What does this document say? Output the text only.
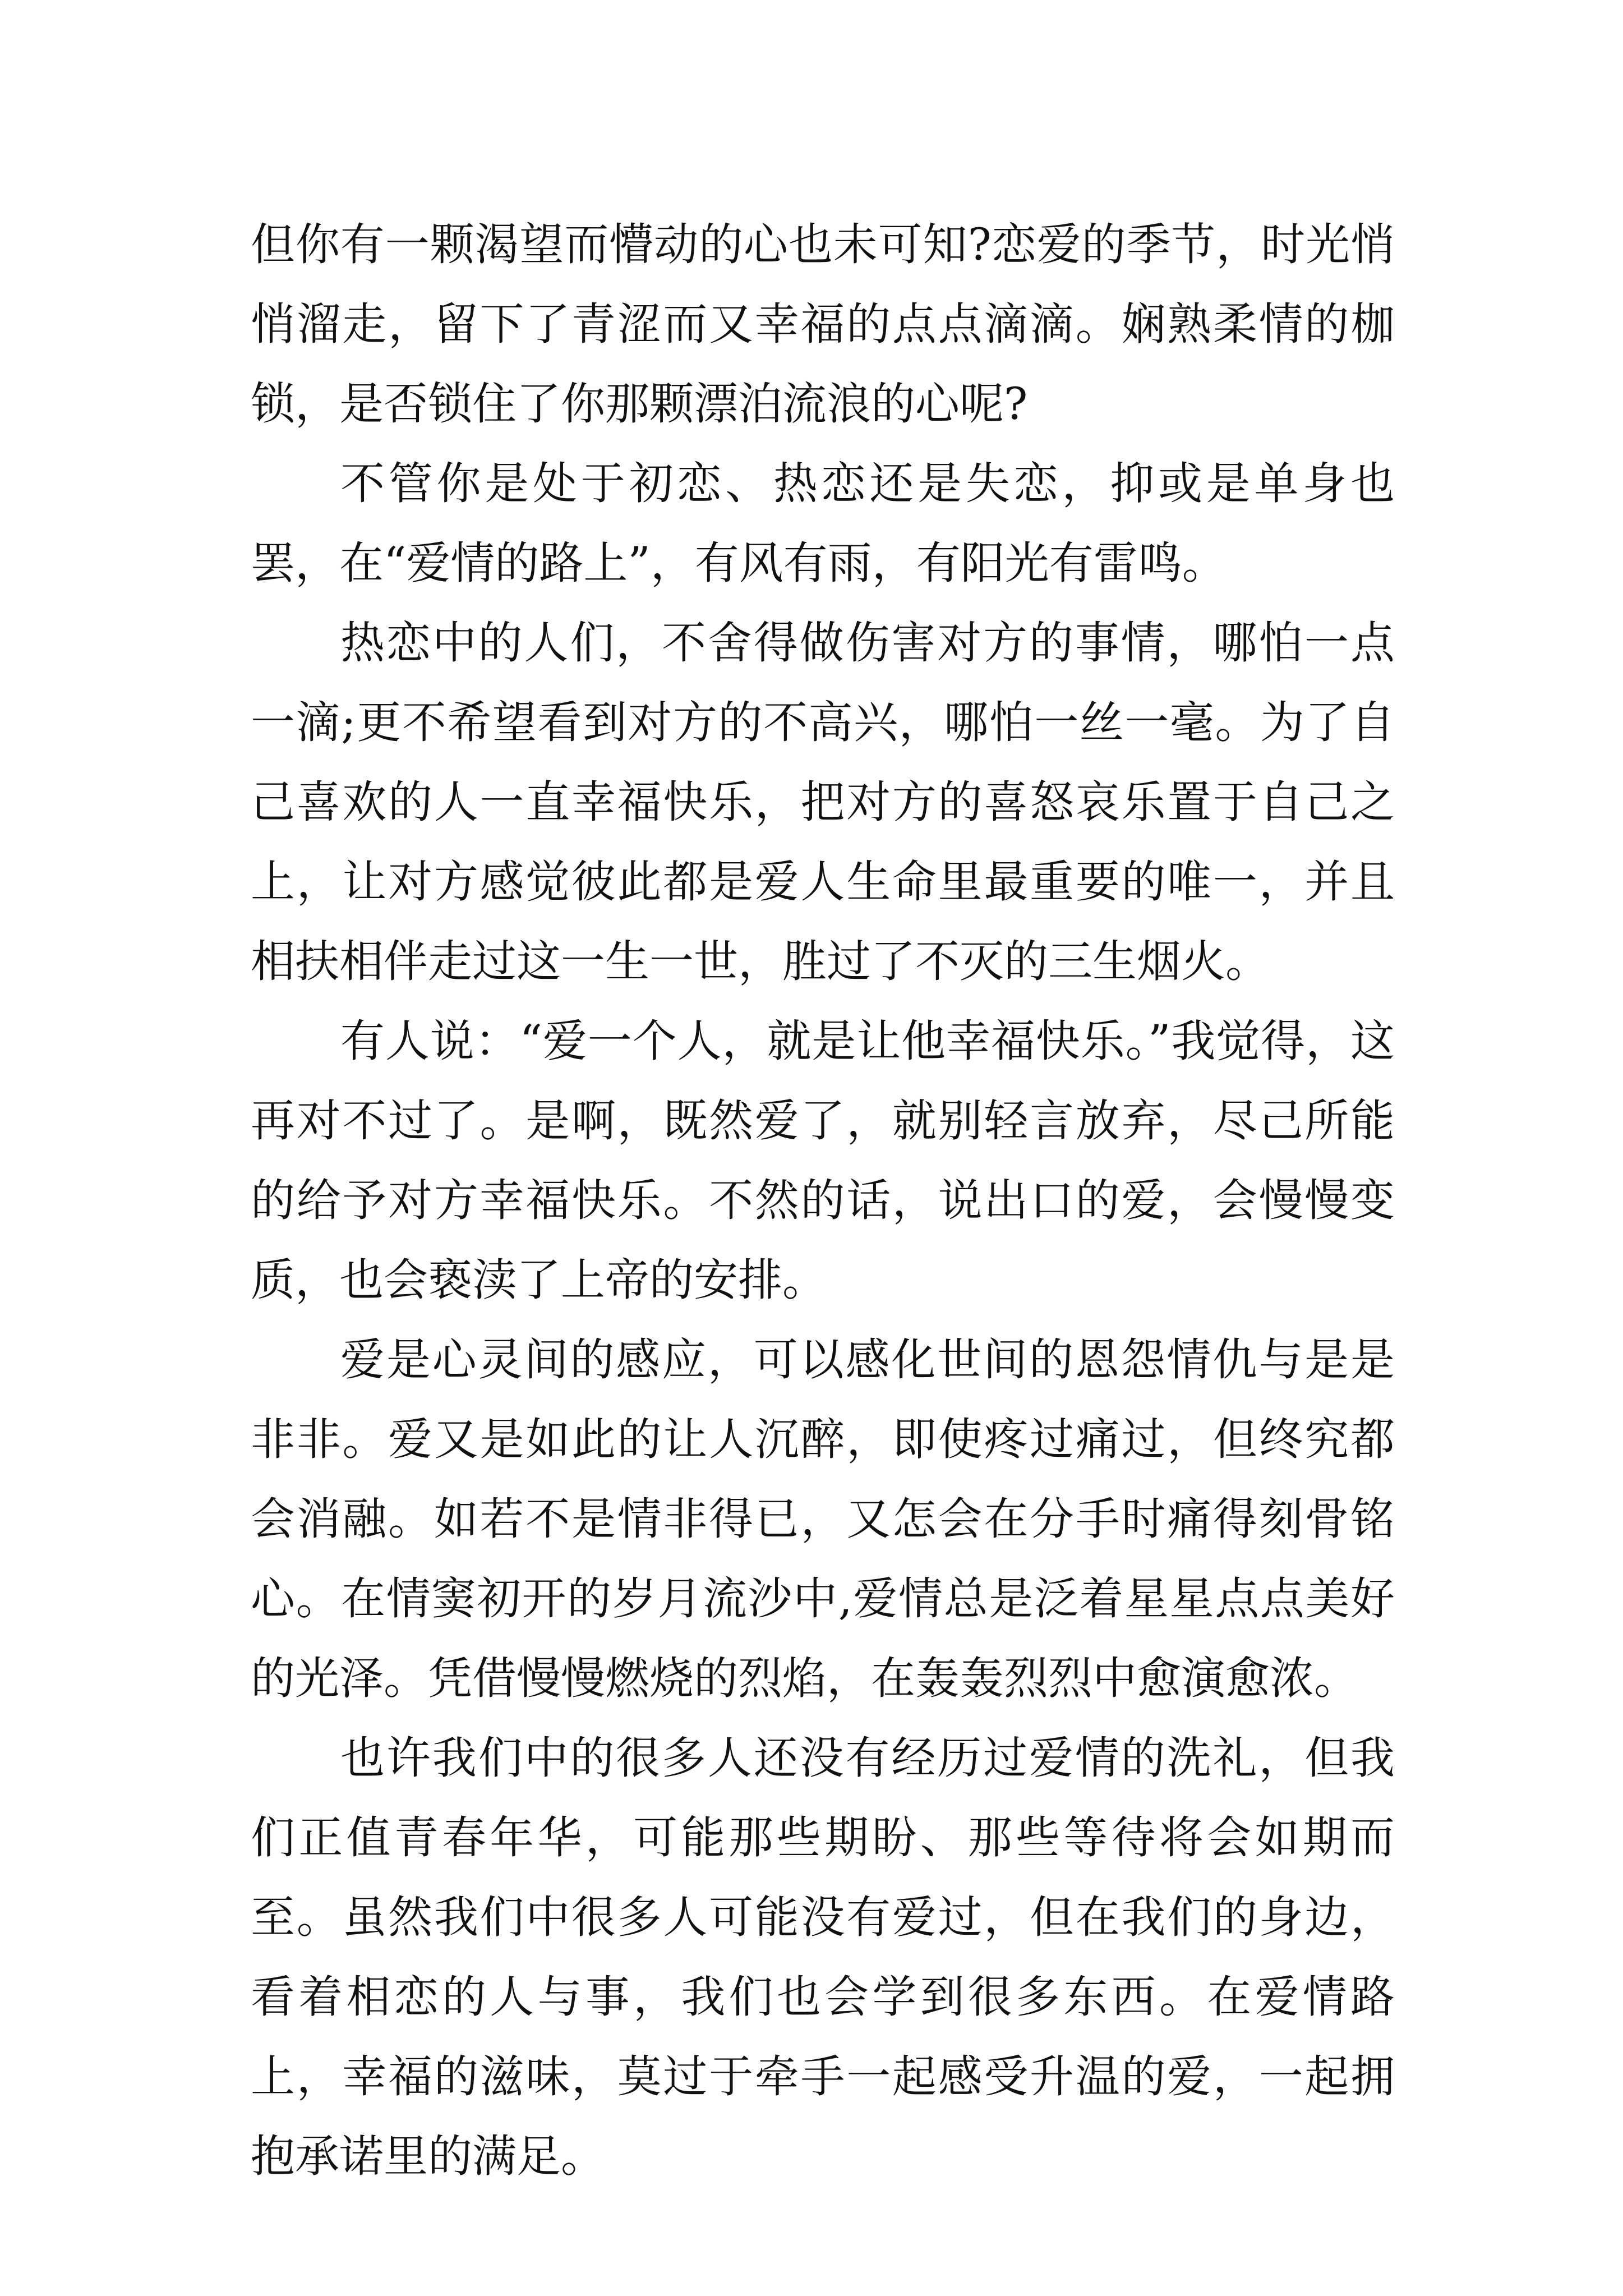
但你有一颗渴望而懵动的心也未可知?恋爱的季节，时光悄悄溜走，留下了青涩而又幸福的点点滴滴。娴熟柔情的枷锁，是否锁住了你那颗漂泊流浪的心呢?

不管你是处于初恋、热恋还是失恋，抑或是单身也罢，在“爱情的路上”，有风有雨，有阳光有雷鸣。

热恋中的人们，不舍得做伤害对方的事情，哪怕一点一滴;更不希望看到对方的不高兴，哪怕一丝一毫。为了自己喜欢的人一直幸福快乐，把对方的喜怒哀乐置于自己之上，让对方感觉彼此都是爱人生命里最重要的唯一，并且相扶相伴走过这一生一世，胜过了不灭的三生烟火。

有人说：“爱一个人，就是让他幸福快乐。”我觉得，这再对不过了。是啊，既然爱了，就别轻言放弃，尽己所能的给予对方幸福快乐。不然的话，说出口的爱，会慢慢变质，也会亵渎了上帝的安排。

爱是心灵间的感应，可以感化世间的恩怨情仇与是是非非。爱又是如此的让人沉醉，即使疼过痛过，但终究都会消融。如若不是情非得已，又怎会在分手时痛得刻骨铭心。在情窦初开的岁月流沙中,爱情总是泛着星星点点美好的光泽。凭借慢慢燃烧的烈焰，在轰轰烈烈中愈演愈浓。

也许我们中的很多人还没有经历过爱情的洗礼，但我们正值青春年华，可能那些期盼、那些等待将会如期而至。虽然我们中很多人可能没有爱过，但在我们的身边，看着相恋的人与事，我们也会学到很多东西。在爱情路上，幸福的滋味，莫过于牵手一起感受升温的爱，一起拥抱承诺里的满足。
